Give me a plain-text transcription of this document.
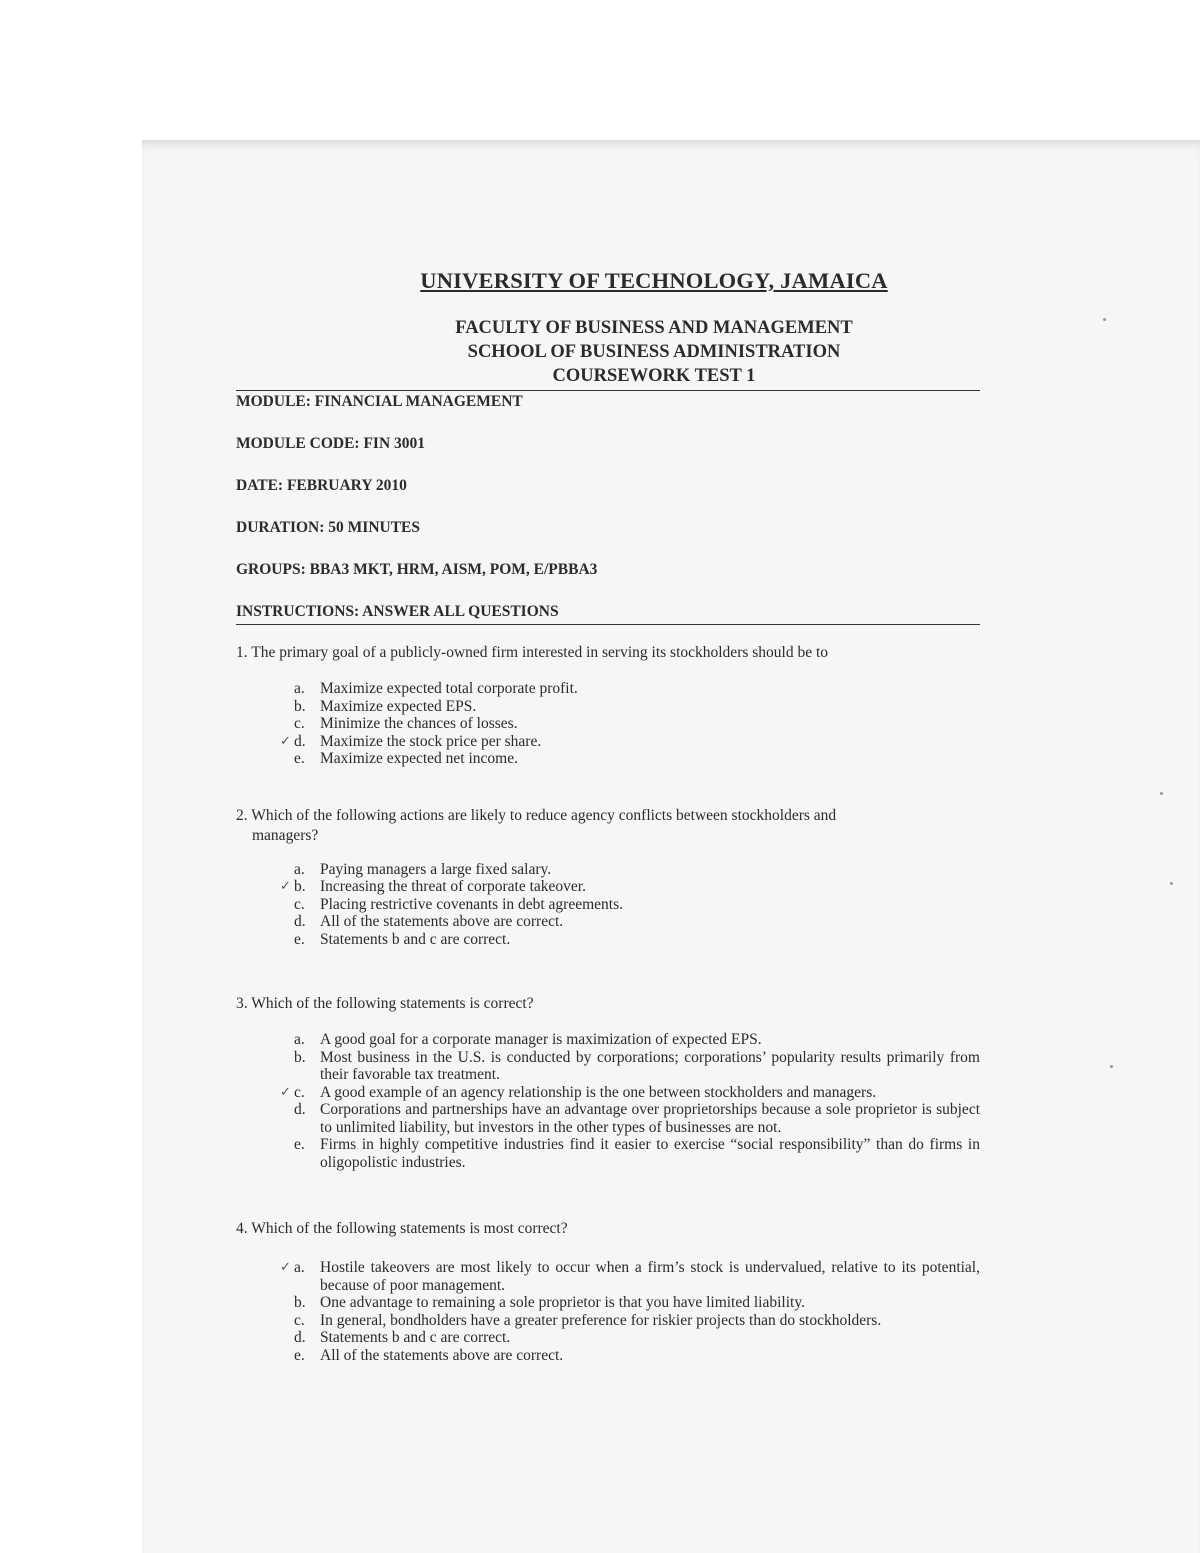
UNIVERSITY OF TECHNOLOGY, JAMAICA
FACULTY OF BUSINESS AND MANAGEMENT
SCHOOL OF BUSINESS ADMINISTRATION
COURSEWORK TEST 1
MODULE: FINANCIAL MANAGEMENT
MODULE CODE: FIN 3001
DATE: FEBRUARY 2010
DURATION: 50 MINUTES
GROUPS: BBA3 MKT, HRM, AISM, POM, E/PBBA3
INSTRUCTIONS: ANSWER ALL QUESTIONS

1. The primary goal of a publicly-owned firm interested in serving its stockholders should be to

a. Maximize expected total corporate profit.
b. Maximize expected EPS.
c. Minimize the chances of losses.
✓ d. Maximize the stock price per share.
e. Maximize expected net income.

2. Which of the following actions are likely to reduce agency conflicts between stockholders and

managers?

a. Paying managers a large fixed salary.
✓ b. Increasing the threat of corporate takeover.
c. Placing restrictive covenants in debt agreements.
d. All of the statements above are correct.
e. Statements b and c are correct.

3. Which of the following statements is correct?

a. A good goal for a corporate manager is maximization of expected EPS.
b. Most business in the U.S. is conducted by corporations; corporations’ popularity results primarily from their favorable tax treatment.
✓ c. A good example of an agency relationship is the one between stockholders and managers.
d. Corporations and partnerships have an advantage over proprietorships because a sole proprietor is subject to unlimited liability, but investors in the other types of businesses are not.
e. Firms in highly competitive industries find it easier to exercise “social responsibility” than do firms in oligopolistic industries.

4. Which of the following statements is most correct?

✓ a. Hostile takeovers are most likely to occur when a firm’s stock is undervalued, relative to its potential, because of poor management.
b. One advantage to remaining a sole proprietor is that you have limited liability.
c. In general, bondholders have a greater preference for riskier projects than do stockholders.
d. Statements b and c are correct.
e. All of the statements above are correct.
